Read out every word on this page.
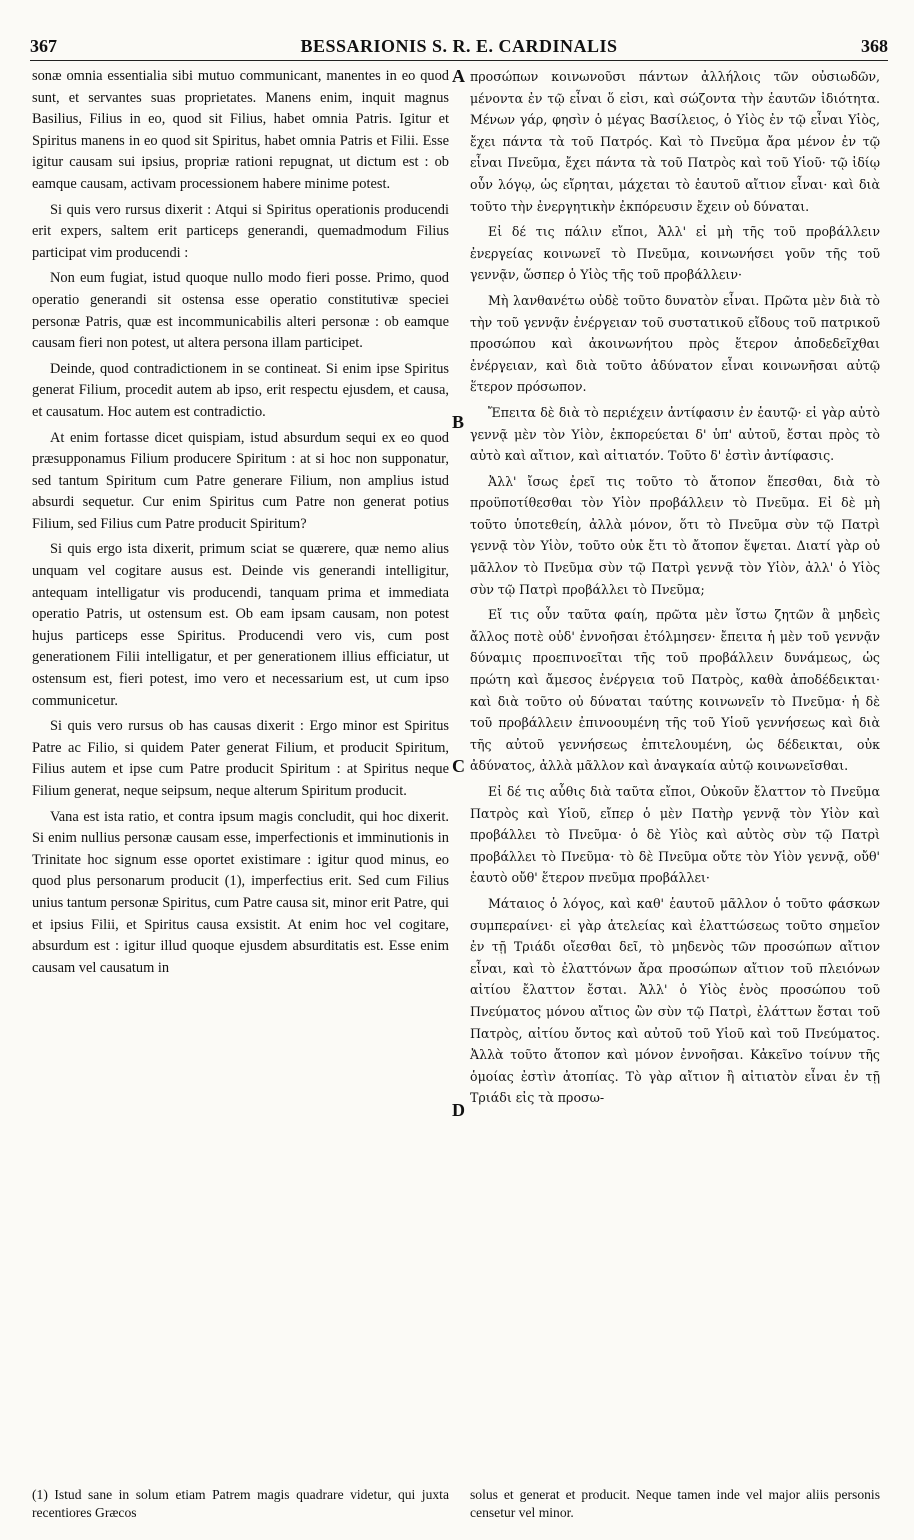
367	BESSARIONIS S. R. E. CARDINALIS	368
A
B
C
D

sonæ omnia essentialia sibi mutuo communicant, manentes in eo quod sunt, et servantes suas proprietates. Manens enim, inquit magnus Basilius, Filius in eo, quod sit Filius, habet omnia Patris. Igitur et Spiritus manens in eo quod sit Spiritus, habet omnia Patris et Filii. Esse igitur causam sui ipsius, propriæ rationi repugnat, ut dictum est : ob eamque causam, activam processionem habere minime potest.

Si quis vero rursus dixerit : Atqui si Spiritus operationis producendi erit expers, saltem erit particeps generandi, quemadmodum Filius participat vim producendi :

Non eum fugiat, istud quoque nullo modo fieri posse. Primo, quod operatio generandi sit ostensa esse operatio constitutivæ speciei personæ Patris, quæ est incommunicabilis alteri personæ : ob eamque causam fieri non potest, ut altera persona illam participet.

Deinde, quod contradictionem in se contineat. Si enim ipse Spiritus generat Filium, procedit autem ab ipso, erit respectu ejusdem, et causa, et causatum. Hoc autem est contradictio.

At enim fortasse dicet quispiam, istud absurdum sequi ex eo quod præsupponamus Filium producere Spiritum : at si hoc non supponatur, sed tantum Spiritum cum Patre generare Filium, non amplius istud absurdi sequetur. Cur enim Spiritus cum Patre non generat potius Filium, sed Filius cum Patre producit Spiritum?

Si quis ergo ista dixerit, primum sciat se quærere, quæ nemo alius unquam vel cogitare ausus est. Deinde vis generandi intelligitur, antequam intelligatur vis producendi, tanquam prima et immediata operatio Patris, ut ostensum est. Ob eam ipsam causam, non potest hujus particeps esse Spiritus. Producendi vero vis, cum post generationem Filii intelligatur, et per generationem illius efficiatur, ut ostensum est, fieri potest, imo vero et necessarium est, ut cum ipso communicetur.

Si quis vero rursus ob has causas dixerit : Ergo minor est Spiritus Patre ac Filio, si quidem Pater generat Filium, et producit Spiritum, Filius autem et ipse cum Patre producit Spiritum : at Spiritus neque Filium generat, neque seipsum, neque alterum Spiritum producit.

Vana est ista ratio, et contra ipsum magis concludit, qui hoc dixerit. Si enim nullius personæ causam esse, imperfectionis et imminutionis in Trinitate hoc signum esse oportet existimare : igitur quod minus, eo quod plus personarum producit (1), imperfectius erit. Sed cum Filius unius tantum personæ Spiritus, cum Patre causa sit, minor erit Patre, qui et ipsius Filii, et Spiritus causa exsistit. At enim hoc vel cogitare, absurdum est : igitur illud quoque ejusdem absurditatis est. Esse enim causam vel causatum in

προσώπων κοινωνοῦσι πάντων ἀλλήλοις τῶν οὐσιωδῶν, μένοντα ἐν τῷ εἶναι ὅ εἰσι, καὶ σώζοντα τὴν ἑαυτῶν ἰδιότητα. Μένων γάρ, φησὶν ὁ μέγας Βασίλειος, ὁ Υἱὸς ἐν τῷ εἶναι Υἱὸς, ἔχει πάντα τὰ τοῦ Πατρός. Καὶ τὸ Πνεῦμα ἄρα μένον ἐν τῷ εἶναι Πνεῦμα, ἔχει πάντα τὰ τοῦ Πατρὸς καὶ τοῦ Υἱοῦ· τῷ ἰδίῳ οὖν λόγῳ, ὡς εἴρηται, μάχεται τὸ ἑαυτοῦ αἴτιον εἶναι· καὶ διὰ τοῦτο τὴν ἐνεργητικὴν ἐκπόρευσιν ἔχειν οὐ δύναται.

Εἰ δέ τις πάλιν εἴποι, Ἀλλ' εἰ μὴ τῆς τοῦ προβάλλειν ἐνεργείας κοινωνεῖ τὸ Πνεῦμα, κοινωνήσει γοῦν τῆς τοῦ γεννᾷν, ὥσπερ ὁ Υἱὸς τῆς τοῦ προβάλλειν·

Μὴ λανθανέτω οὐδὲ τοῦτο δυνατὸν εἶναι. Πρῶτα μὲν διὰ τὸ τὴν τοῦ γεννᾷν ἐνέργειαν τοῦ συστατικοῦ εἴδους τοῦ πατρικοῦ προσώπου καὶ ἀκοινωνήτου πρὸς ἕτερον ἀποδεδεῖχθαι ἐνέργειαν, καὶ διὰ τοῦτο ἀδύνατον εἶναι κοινωνῆσαι αὐτῷ ἕτερον πρόσωπον.

Ἔπειτα δὲ διὰ τὸ περιέχειν ἀντίφασιν ἐν ἑαυτῷ· εἰ γὰρ αὐτὸ γεννᾷ μὲν τὸν Υἱὸν, ἐκπορεύεται δ' ὑπ' αὐτοῦ, ἔσται πρὸς τὸ αὐτὸ καὶ αἴτιον, καὶ αἰτιατόν. Τοῦτο δ' ἐστὶν ἀντίφασις.

Ἀλλ' ἴσως ἐρεῖ τις τοῦτο τὸ ἄτοπον ἕπεσθαι, διὰ τὸ προϋποτίθεσθαι τὸν Υἱὸν προβάλλειν τὸ Πνεῦμα. Εἰ δὲ μὴ τοῦτο ὑποτεθείη, ἀλλὰ μόνον, ὅτι τὸ Πνεῦμα σὺν τῷ Πατρὶ γεννᾷ τὸν Υἱὸν, τοῦτο οὐκ ἔτι τὸ ἄτοπον ἕψεται. Διατί γὰρ οὐ μᾶλλον τὸ Πνεῦμα σὺν τῷ Πατρὶ γεννᾷ τὸν Υἱὸν, ἀλλ' ὁ Υἱὸς σὺν τῷ Πατρὶ προβάλλει τὸ Πνεῦμα;

Εἴ τις οὖν ταῦτα φαίη, πρῶτα μὲν ἴστω ζητῶν ἃ μηδεὶς ἄλλος ποτὲ οὐδ' ἐννοῆσαι ἐτόλμησεν· ἔπειτα ἡ μὲν τοῦ γεννᾷν δύναμις προεπινοεῖται τῆς τοῦ προβάλλειν δυνάμεως, ὡς πρώτη καὶ ἄμεσος ἐνέργεια τοῦ Πατρὸς, καθὰ ἀποδέδεικται· καὶ διὰ τοῦτο οὐ δύναται ταύτης κοινωνεῖν τὸ Πνεῦμα· ἡ δὲ τοῦ προβάλλειν ἐπινοουμένη τῆς τοῦ Υἱοῦ γεννήσεως καὶ διὰ τῆς αὐτοῦ γεννήσεως ἐπιτελουμένη, ὡς δέδεικται, οὐκ ἀδύνατος, ἀλλὰ μᾶλλον καὶ ἀναγκαία αὐτῷ κοινωνεῖσθαι.

Εἰ δέ τις αὖθις διὰ ταῦτα εἴποι, Οὐκοῦν ἔλαττον τὸ Πνεῦμα Πατρὸς καὶ Υἱοῦ, εἴπερ ὁ μὲν Πατὴρ γεννᾷ τὸν Υἱὸν καὶ προβάλλει τὸ Πνεῦμα· ὁ δὲ Υἱὸς καὶ αὐτὸς σὺν τῷ Πατρὶ προβάλλει τὸ Πνεῦμα· τὸ δὲ Πνεῦμα οὔτε τὸν Υἱὸν γεννᾷ, οὔθ' ἑαυτὸ οὔθ' ἕτερον πνεῦμα προβάλλει·

Μάταιος ὁ λόγος, καὶ καθ' ἑαυτοῦ μᾶλλον ὁ τοῦτο φάσκων συμπεραίνει· εἰ γὰρ ἀτελείας καὶ ἐλαττώσεως τοῦτο σημεῖον ἐν τῇ Τριάδι οἴεσθαι δεῖ, τὸ μηδενὸς τῶν προσώπων αἴτιον εἶναι, καὶ τὸ ἐλαττόνων ἄρα προσώπων αἴτιον τοῦ πλειόνων αἰτίου ἔλαττον ἔσται. Ἀλλ' ὁ Υἱὸς ἑνὸς προσώπου τοῦ Πνεύματος μόνου αἴτιος ὢν σὺν τῷ Πατρὶ, ἐλάττων ἔσται τοῦ Πατρὸς, αἰτίου ὄντος καὶ αὐτοῦ τοῦ Υἱοῦ καὶ τοῦ Πνεύματος. Ἀλλὰ τοῦτο ἄτοπον καὶ μόνον ἐννοῆσαι. Κἀκεῖνο τοίνυν τῆς ὁμοίας ἐστὶν ἀτοπίας. Τὸ γὰρ αἴτιον ἢ αἰτιατὸν εἶναι ἐν τῇ Τριάδι εἰς τὰ προσω-

(1) Istud sane in solum etiam Patrem magis quadrare videtur, qui juxta recentiores Græcos
solus et generat et producit. Neque tamen inde vel major aliis personis censetur vel minor.
